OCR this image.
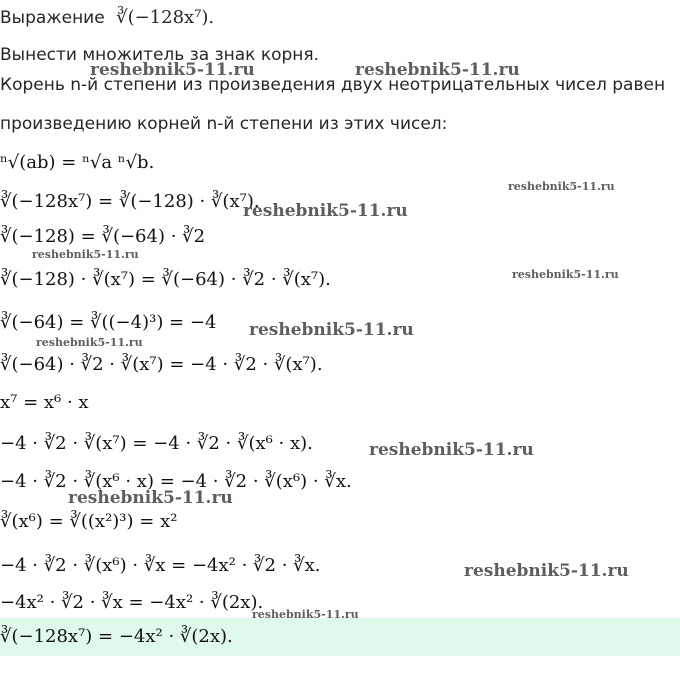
Выражение ∛(−128x⁷).
Вынести множитель за знак корня.
Корень n-й степени из произведения двух неотрицательных чисел равен
произведению корней n-й степени из этих чисел:
ⁿ√(ab) = ⁿ√a ⁿ√b.
∛(−128x⁷) = ∛(−128) · ∛(x⁷).
∛(−128) = ∛(−64) · ∛2
∛(−128) · ∛(x⁷) = ∛(−64) · ∛2 · ∛(x⁷).
∛(−64) = ∛((−4)³) = −4
∛(−64) · ∛2 · ∛(x⁷) = −4 · ∛2 · ∛(x⁷).
x⁷ = x⁶ · x
−4 · ∛2 · ∛(x⁷) = −4 · ∛2 · ∛(x⁶ · x).
−4 · ∛2 · ∛(x⁶ · x) = −4 · ∛2 · ∛(x⁶) · ∛x.
∛(x⁶) = ∛((x²)³) = x²
−4 · ∛2 · ∛(x⁶) · ∛x = −4x² · ∛2 · ∛x.
−4x² · ∛2 · ∛x = −4x² · ∛(2x).
∛(−128x⁷) = −4x² · ∛(2x).
reshebnik5-11.ru	reshebnik5-11.ru
reshebnik5-11.ru
reshebnik5-11.ru
reshebnik5-11.ru
reshebnik5-11.ru
reshebnik5-11.ru
reshebnik5-11.ru
reshebnik5-11.ru
reshebnik5-11.ru
reshebnik5-11.ru
reshebnik5-11.ru
